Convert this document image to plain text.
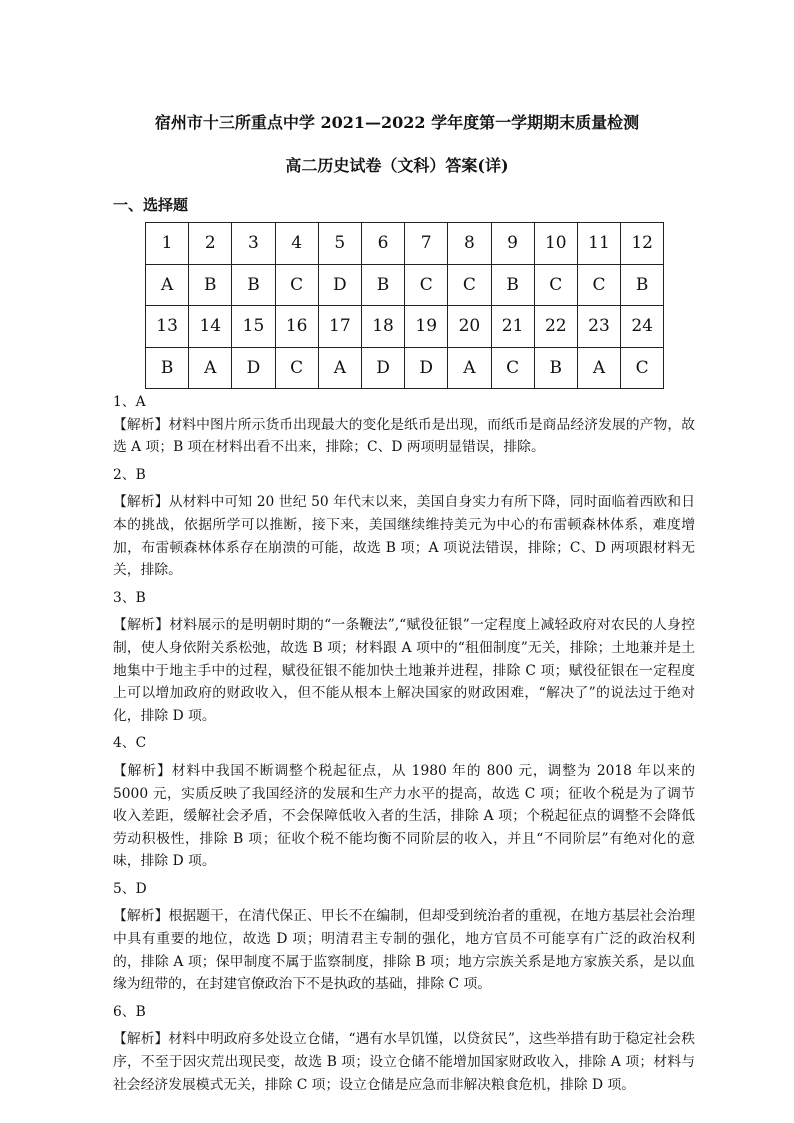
宿州市十三所重点中学 2021—2022 学年度第一学期期末质量检测
高二历史试卷（文科）答案(详)
一、选择题
1	2	3	4	5	6	7	8	9	10	11	12
A	B	B	C	D	B	C	C	B	C	C	B
13	14	15	16	17	18	19	20	21	22	23	24
B	A	D	C	A	D	D	A	C	B	A	C

1、A

【解析】材料中图片所示货币出现最大的变化是纸币是出现，而纸币是商品经济发展的产物，故选 A 项；B 项在材料出看不出来，排除；C、D 两项明显错误，排除。

2、B

【解析】从材料中可知 20 世纪 50 年代末以来，美国自身实力有所下降，同时面临着西欧和日本的挑战，依据所学可以推断，接下来，美国继续维持美元为中心的布雷顿森林体系，难度增加，布雷顿森林体系存在崩溃的可能，故选 B 项；A 项说法错误，排除；C、D 两项跟材料无关，排除。

3、B

【解析】材料展示的是明朝时期的“一条鞭法”,“赋役征银”一定程度上减轻政府对农民的人身控制，使人身依附关系松弛，故选 B 项；材料跟 A 项中的“租佃制度”无关，排除；土地兼并是土地集中于地主手中的过程，赋役征银不能加快土地兼并进程，排除 C 项；赋役征银在一定程度上可以增加政府的财政收入，但不能从根本上解决国家的财政困难，“解决了”的说法过于绝对化，排除 D 项。

4、C

【解析】材料中我国不断调整个税起征点，从 1980 年的 800 元，调整为 2018 年以来的 5000 元，实质反映了我国经济的发展和生产力水平的提高，故选 C 项；征收个税是为了调节收入差距，缓解社会矛盾，不会保障低收入者的生活，排除 A 项；个税起征点的调整不会降低劳动积极性，排除 B 项；征收个税不能均衡不同阶层的收入，并且“不同阶层”有绝对化的意味，排除 D 项。

5、D

【解析】根据题干，在清代保正、甲长不在编制，但却受到统治者的重视，在地方基层社会治理中具有重要的地位，故选 D 项；明清君主专制的强化，地方官员不可能享有广泛的政治权利的，排除 A 项；保甲制度不属于监察制度，排除 B 项；地方宗族关系是地方家族关系，是以血缘为纽带的，在封建官僚政治下不是执政的基础，排除 C 项。

6、B

【解析】材料中明政府多处设立仓储，“遇有水旱饥馑，以贷贫民”，这些举措有助于稳定社会秩序，不至于因灾荒出现民变，故选 B 项；设立仓储不能增加国家财政收入，排除 A 项；材料与社会经济发展模式无关，排除 C 项；设立仓储是应急而非解决粮食危机，排除 D 项。
